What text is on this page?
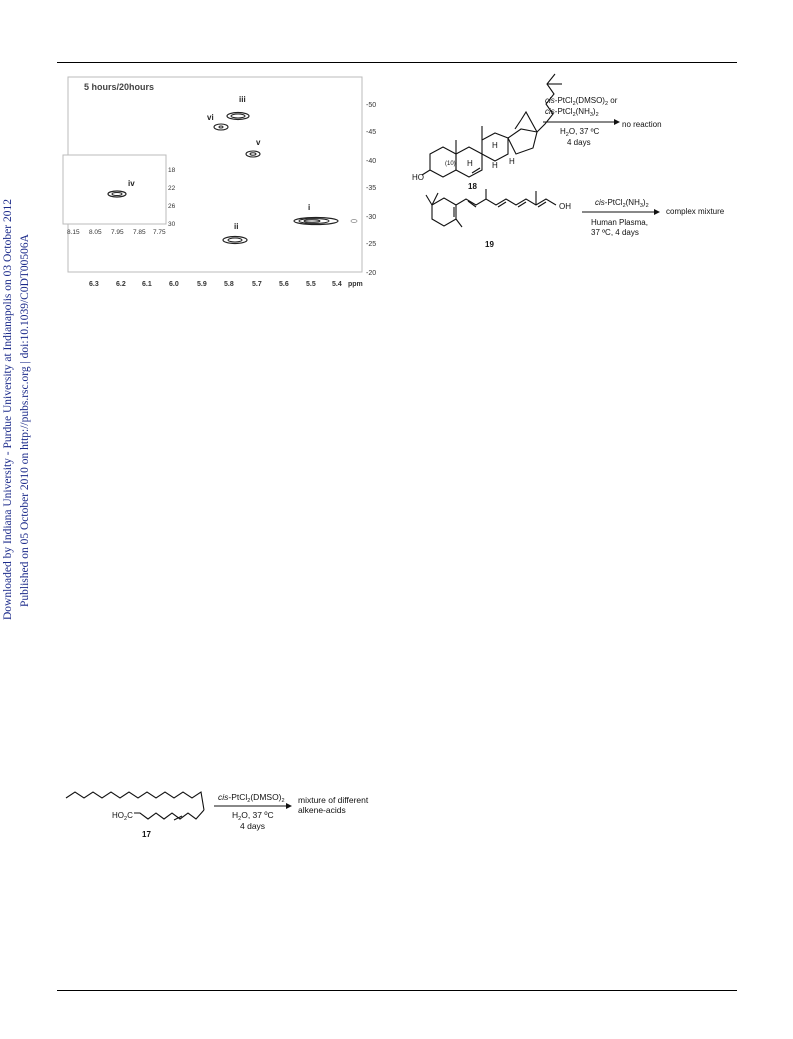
Downloaded by Indiana University - Purdue University at Indianapolis on 03 October 2012 Published on 05 October 2010 on http://pubs.rsc.org | doi:10.1039/C0DT00506A
5 hours/20hours
18
22
26
30
8.15 8.05 7.95 7.85 7.75
iv
iii
vi
v
i
ii
-50
-45
-40
-35
-30
-25
-20
6.3 6.2 6.1 6.0	5.9 5.8	5.7 5.6 5.5 5.4 ppm
HO
(10)
H
H H H
18
cis-$PtCl_2(DMSO)_2$ or
cis-$PtCl_2(NH_3)_2$
no reaction
$H_2O$, 37 ºC
4 days
OH
19
cis-$PtCl_2(NH_3)_2$
complex mixture
Human Plasma,
37 ºC, 4 days
$HO_2C$
17
cis-$PtCl_2(DMSO)_2$ mixture of different
alkene-acids
$H_2O$, 37 ºC
4 days
